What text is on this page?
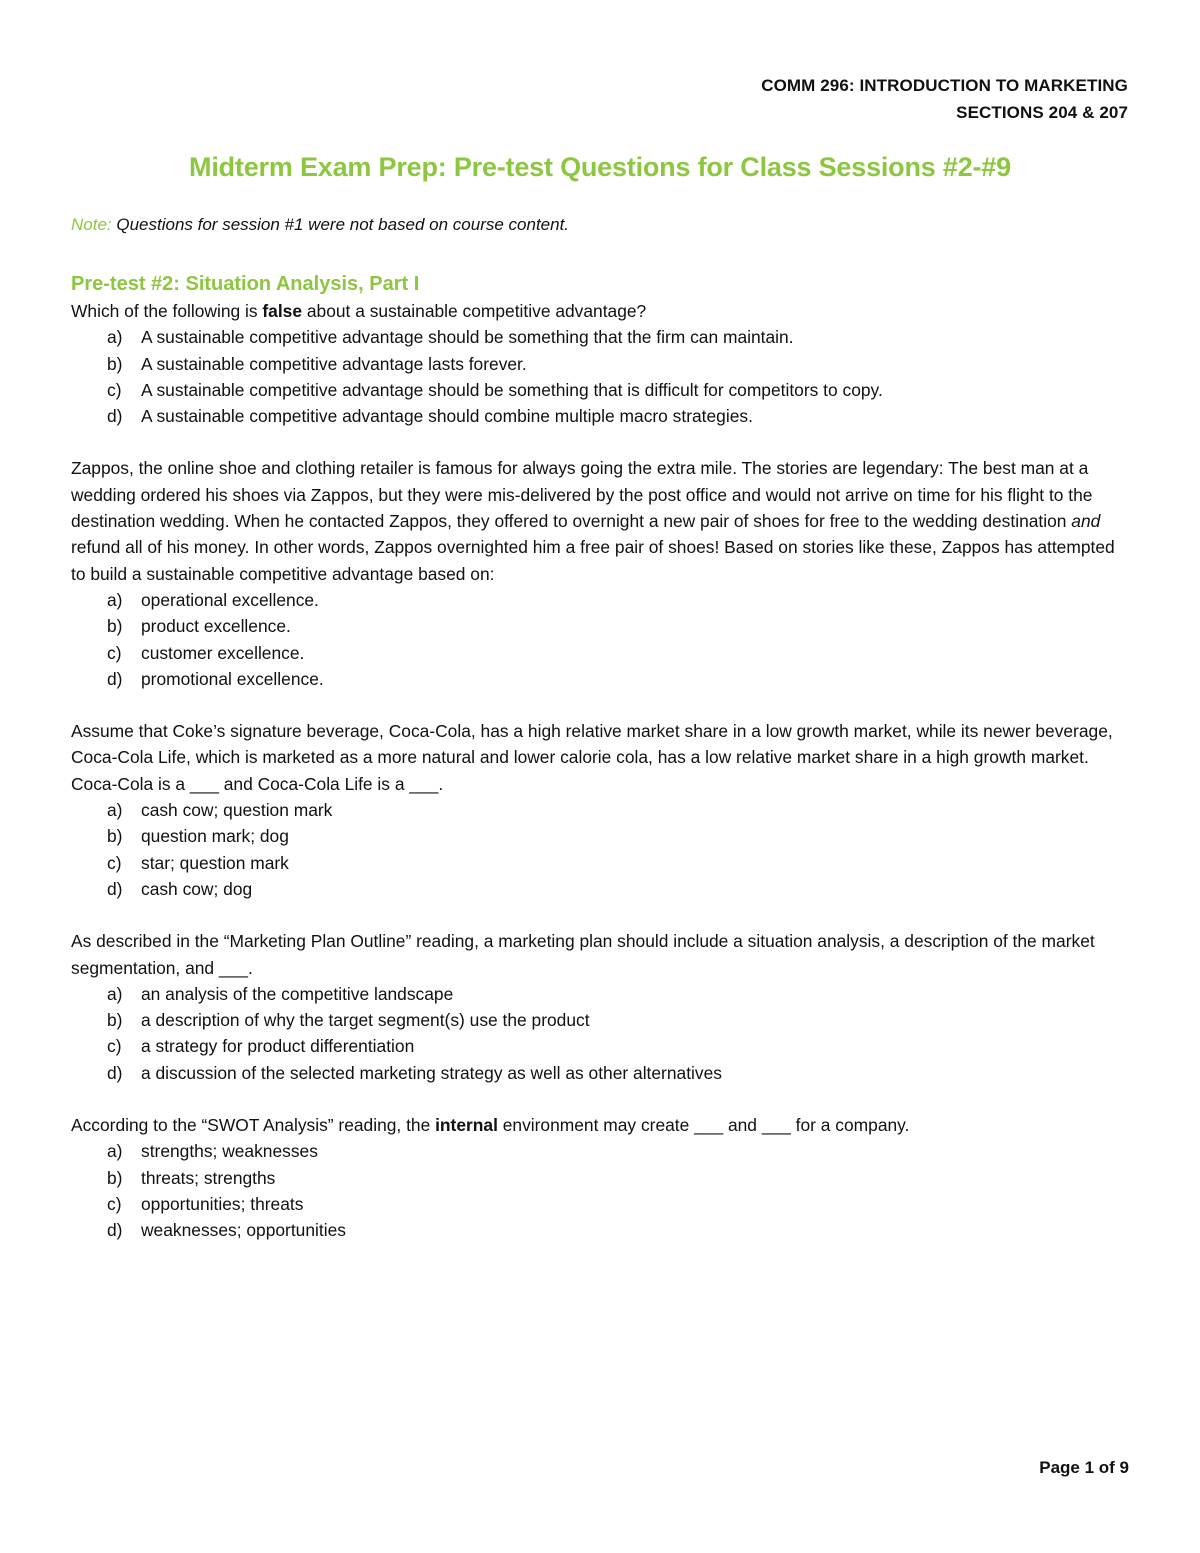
COMM 296: INTRODUCTION TO MARKETING
SECTIONS 204 & 207
Midterm Exam Prep: Pre-test Questions for Class Sessions #2-#9
Note: Questions for session #1 were not based on course content.
Pre-test #2: Situation Analysis, Part I
Which of the following is false about a sustainable competitive advantage?
a)	A sustainable competitive advantage should be something that the firm can maintain.
b)	A sustainable competitive advantage lasts forever.
c)	A sustainable competitive advantage should be something that is difficult for competitors to copy.
d)	A sustainable competitive advantage should combine multiple macro strategies.
Zappos, the online shoe and clothing retailer is famous for always going the extra mile. The stories are legendary: The best man at a wedding ordered his shoes via Zappos, but they were mis-delivered by the post office and would not arrive on time for his flight to the destination wedding. When he contacted Zappos, they offered to overnight a new pair of shoes for free to the wedding destination and refund all of his money. In other words, Zappos overnighted him a free pair of shoes! Based on stories like these, Zappos has attempted to build a sustainable competitive advantage based on:
a)	operational excellence.
b)	product excellence.
c)	customer excellence.
d)	promotional excellence.
Assume that Coke’s signature beverage, Coca-Cola, has a high relative market share in a low growth market, while its newer beverage, Coca-Cola Life, which is marketed as a more natural and lower calorie cola, has a low relative market share in a high growth market. Coca-Cola is a ___ and Coca-Cola Life is a ___.
a)	cash cow; question mark
b)	question mark; dog
c)	star; question mark
d)	cash cow; dog
As described in the “Marketing Plan Outline” reading, a marketing plan should include a situation analysis, a description of the market segmentation, and ___.
a)	an analysis of the competitive landscape
b)	a description of why the target segment(s) use the product
c)	a strategy for product differentiation
d)	a discussion of the selected marketing strategy as well as other alternatives
According to the “SWOT Analysis” reading, the internal environment may create ___ and ___ for a company.
a)	strengths; weaknesses
b)	threats; strengths
c)	opportunities; threats
d)	weaknesses; opportunities
Page 1 of 9
